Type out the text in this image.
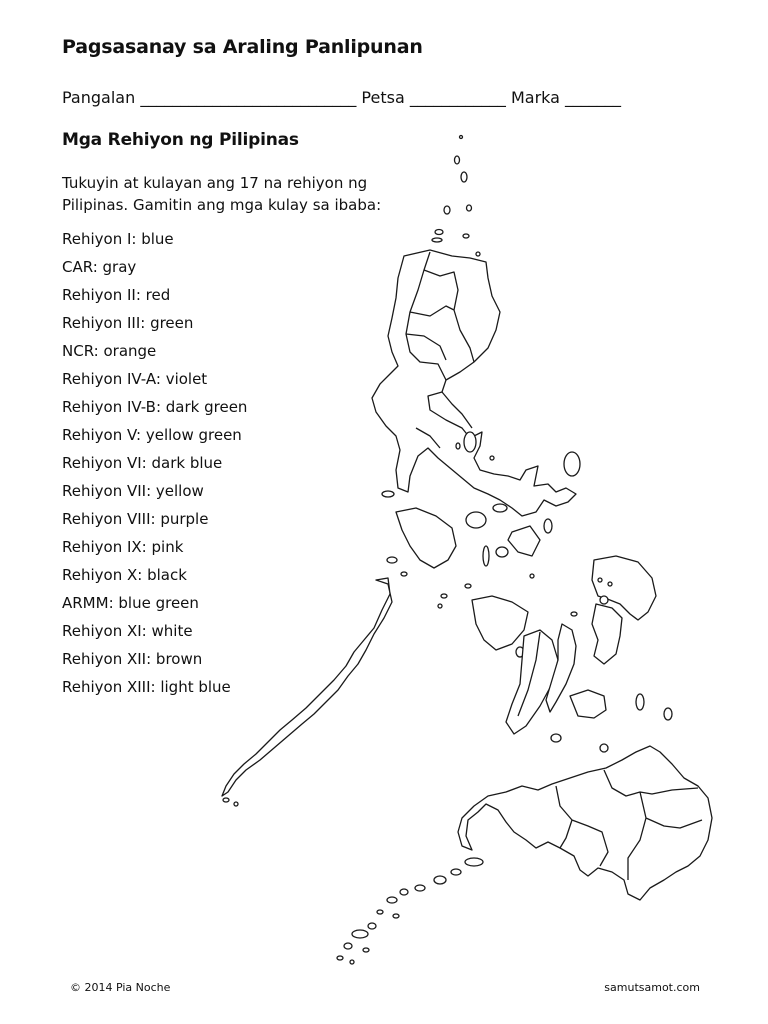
Pagsasanay sa Araling Panlipunan
Pangalan ___________________________ Petsa ____________ Marka _______
Mga Rehiyon ng Pilipinas
Tukuyin at kulayan ang 17 na rehiyon ng Pilipinas. Gamitin ang mga kulay sa ibaba:
Rehiyon I: blue
CAR: gray
Rehiyon II: red
Rehiyon III: green
NCR: orange
Rehiyon IV-A: violet
Rehiyon IV-B: dark green
Rehiyon V: yellow green
Rehiyon VI: dark blue
Rehiyon VII: yellow
Rehiyon VIII: purple
Rehiyon IX: pink
Rehiyon X: black
ARMM: blue green
Rehiyon XI: white
Rehiyon XII: brown
Rehiyon XIII: light blue
© 2014 Pia Noche	samutsamot.com
